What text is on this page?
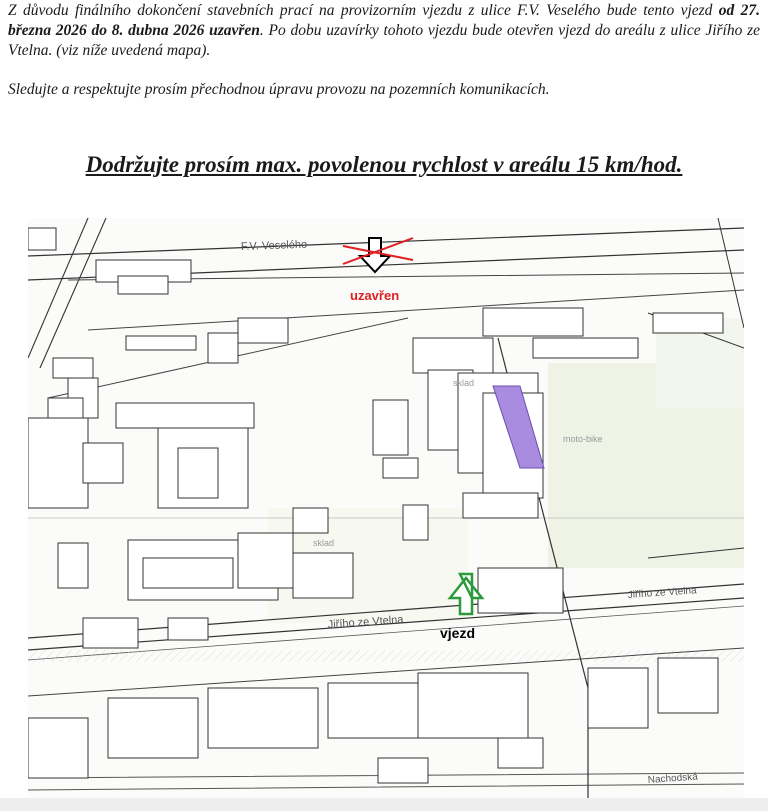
Z důvodu finálního dokončení stavebních prací na provizorním vjezdu z ulice F.V. Veselého bude tento vjezd od 27. března 2026 do 8. dubna 2026 uzavřen. Po dobu uzavírky tohoto vjezdu bude otevřen vjezd do areálu z ulice Jiřího ze Vtelna. (viz níže uvedená mapa).

Sledujte a respektujte prosím přechodnou úpravu provozu na pozemních komunikacích.

Dodržujte prosím max. povolenou rychlost v areálu 15 km/hod.
uzavřen
vjezd
F.V. Veselého
Jiřího ze Vtelna
Jiřího ze Vtelna
Nachodská
sklad
sklad
moto-bike
